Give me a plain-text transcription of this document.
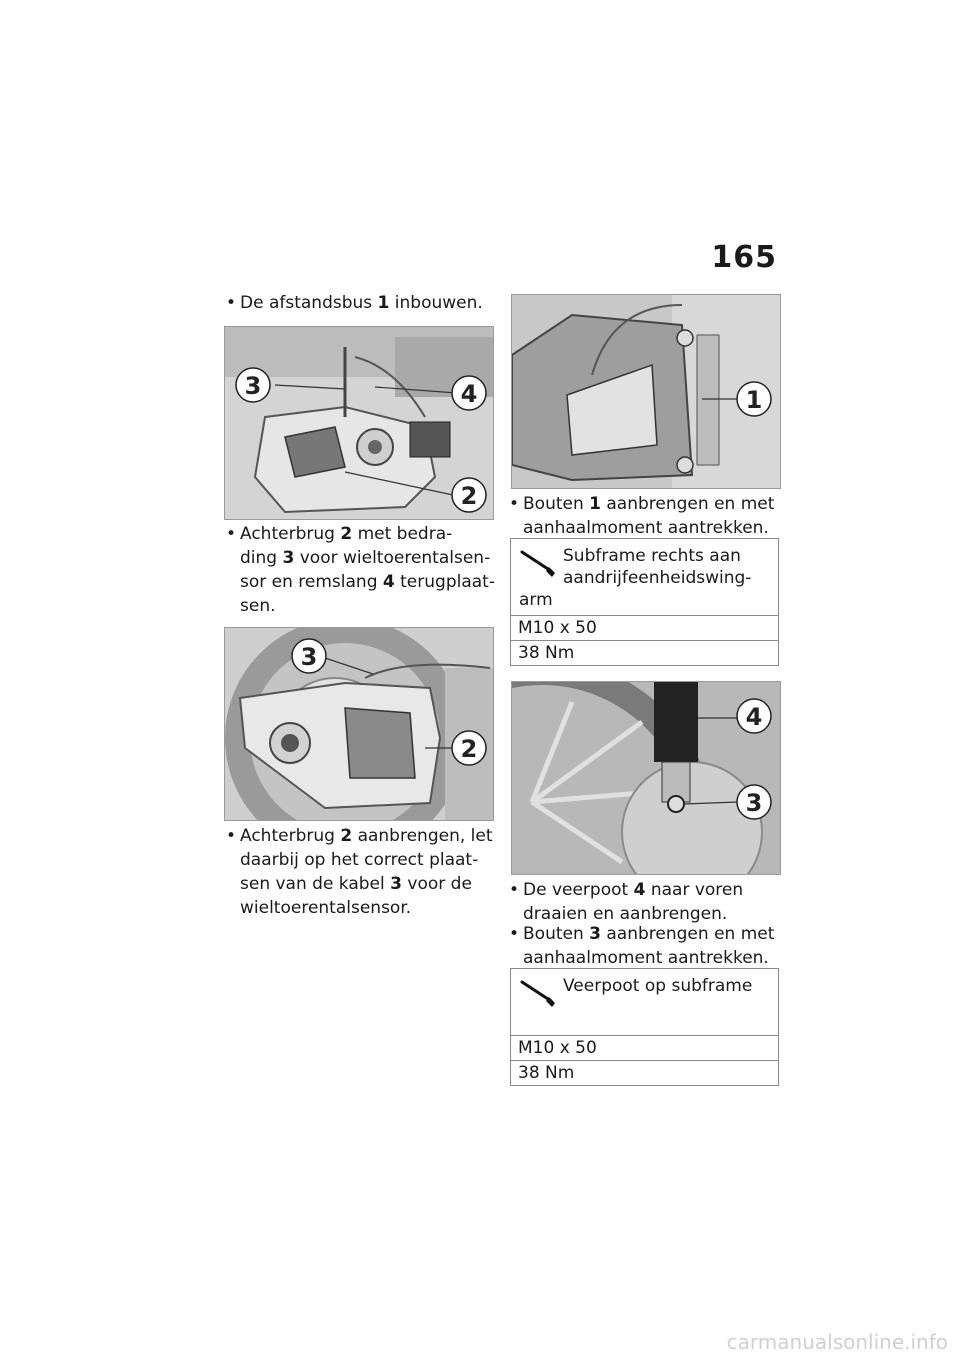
165
• De afstandsbus 1 inbouwen.
3	4
2
• Achterbrug 2 met bedra-
ding 3 voor wieltoerentalsen-
sor en remslang 4 terugplaat-
sen.
3
2
• Achterbrug 2 aanbrengen, let
daarbij op het correct plaat-
sen van de kabel 3 voor de
wieltoerentalsensor.
1
• Bouten 1 aanbrengen en met
aanhaalmoment aantrekken.
Subframe rechts aan
aandrijfeenheidswing-

arm
M10 x 50
38 Nm
4
3
• De veerpoot 4 naar voren
draaien en aanbrengen.
• Bouten 3 aanbrengen en met
aanhaalmoment aantrekken.
Veerpoot op subframe
M10 x 50
38 Nm
carmanualsonline.info
